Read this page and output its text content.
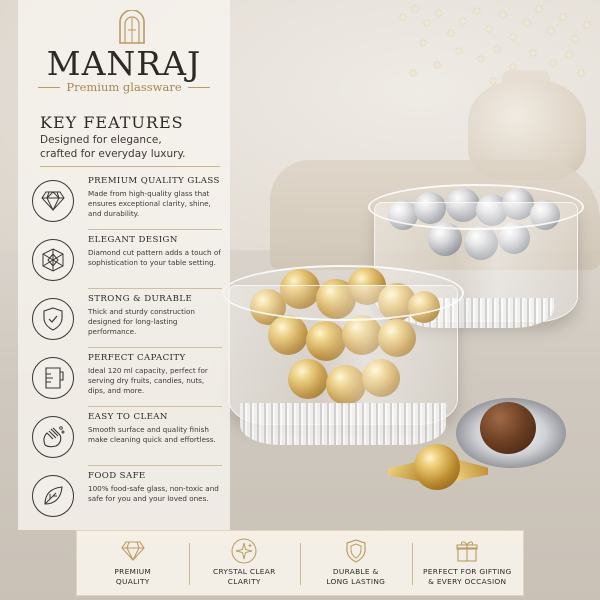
MANRAJ
Premium glassware
KEY FEATURES
Designed for elegance,
crafted for everyday luxury.
PREMIUM QUALITY GLASS
Made from high-quality glass that ensures exceptional clarity, shine, and durability.
ELEGANT DESIGN
Diamond cut pattern adds a touch of sophistication to your table setting.
STRONG & DURABLE
Thick and sturdy construction designed for long-lasting performance.
PERFECT CAPACITY
Ideal 120 ml capacity, perfect for serving dry fruits, candies, nuts, dips, and more.
EASY TO CLEAN
Smooth surface and quality finish make cleaning quick and effortless.
FOOD SAFE
100% food-safe glass, non-toxic and safe for you and your loved ones.
PREMIUM
QUALITY
CRYSTAL CLEAR
CLARITY
DURABLE &
LONG LASTING
PERFECT FOR GIFTING
& EVERY OCCASION
